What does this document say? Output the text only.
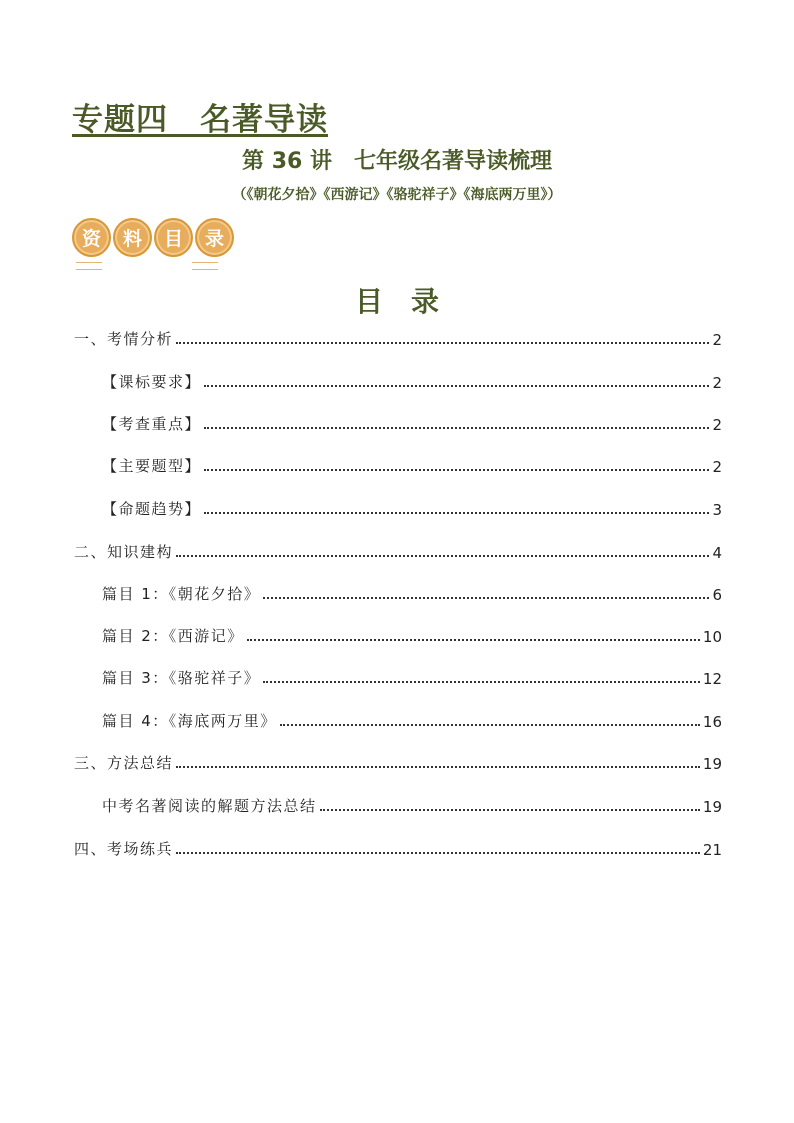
专题四　名著导读
第 36 讲　七年级名著导读梳理
（《朝花夕拾》《西游记》《骆驼祥子》《海底两万里》）
资	料	目	录
目　录
一、考情分析	2
【课标要求】	2
【考查重点】	2
【主要题型】	2
【命题趋势】	3
二、知识建构	4
篇目 1：《朝花夕拾》	6
篇目 2：《西游记》	10
篇目 3：《骆驼祥子》	12
篇目 4：《海底两万里》	16
三、方法总结	19
中考名著阅读的解题方法总结	19
四、考场练兵	21
